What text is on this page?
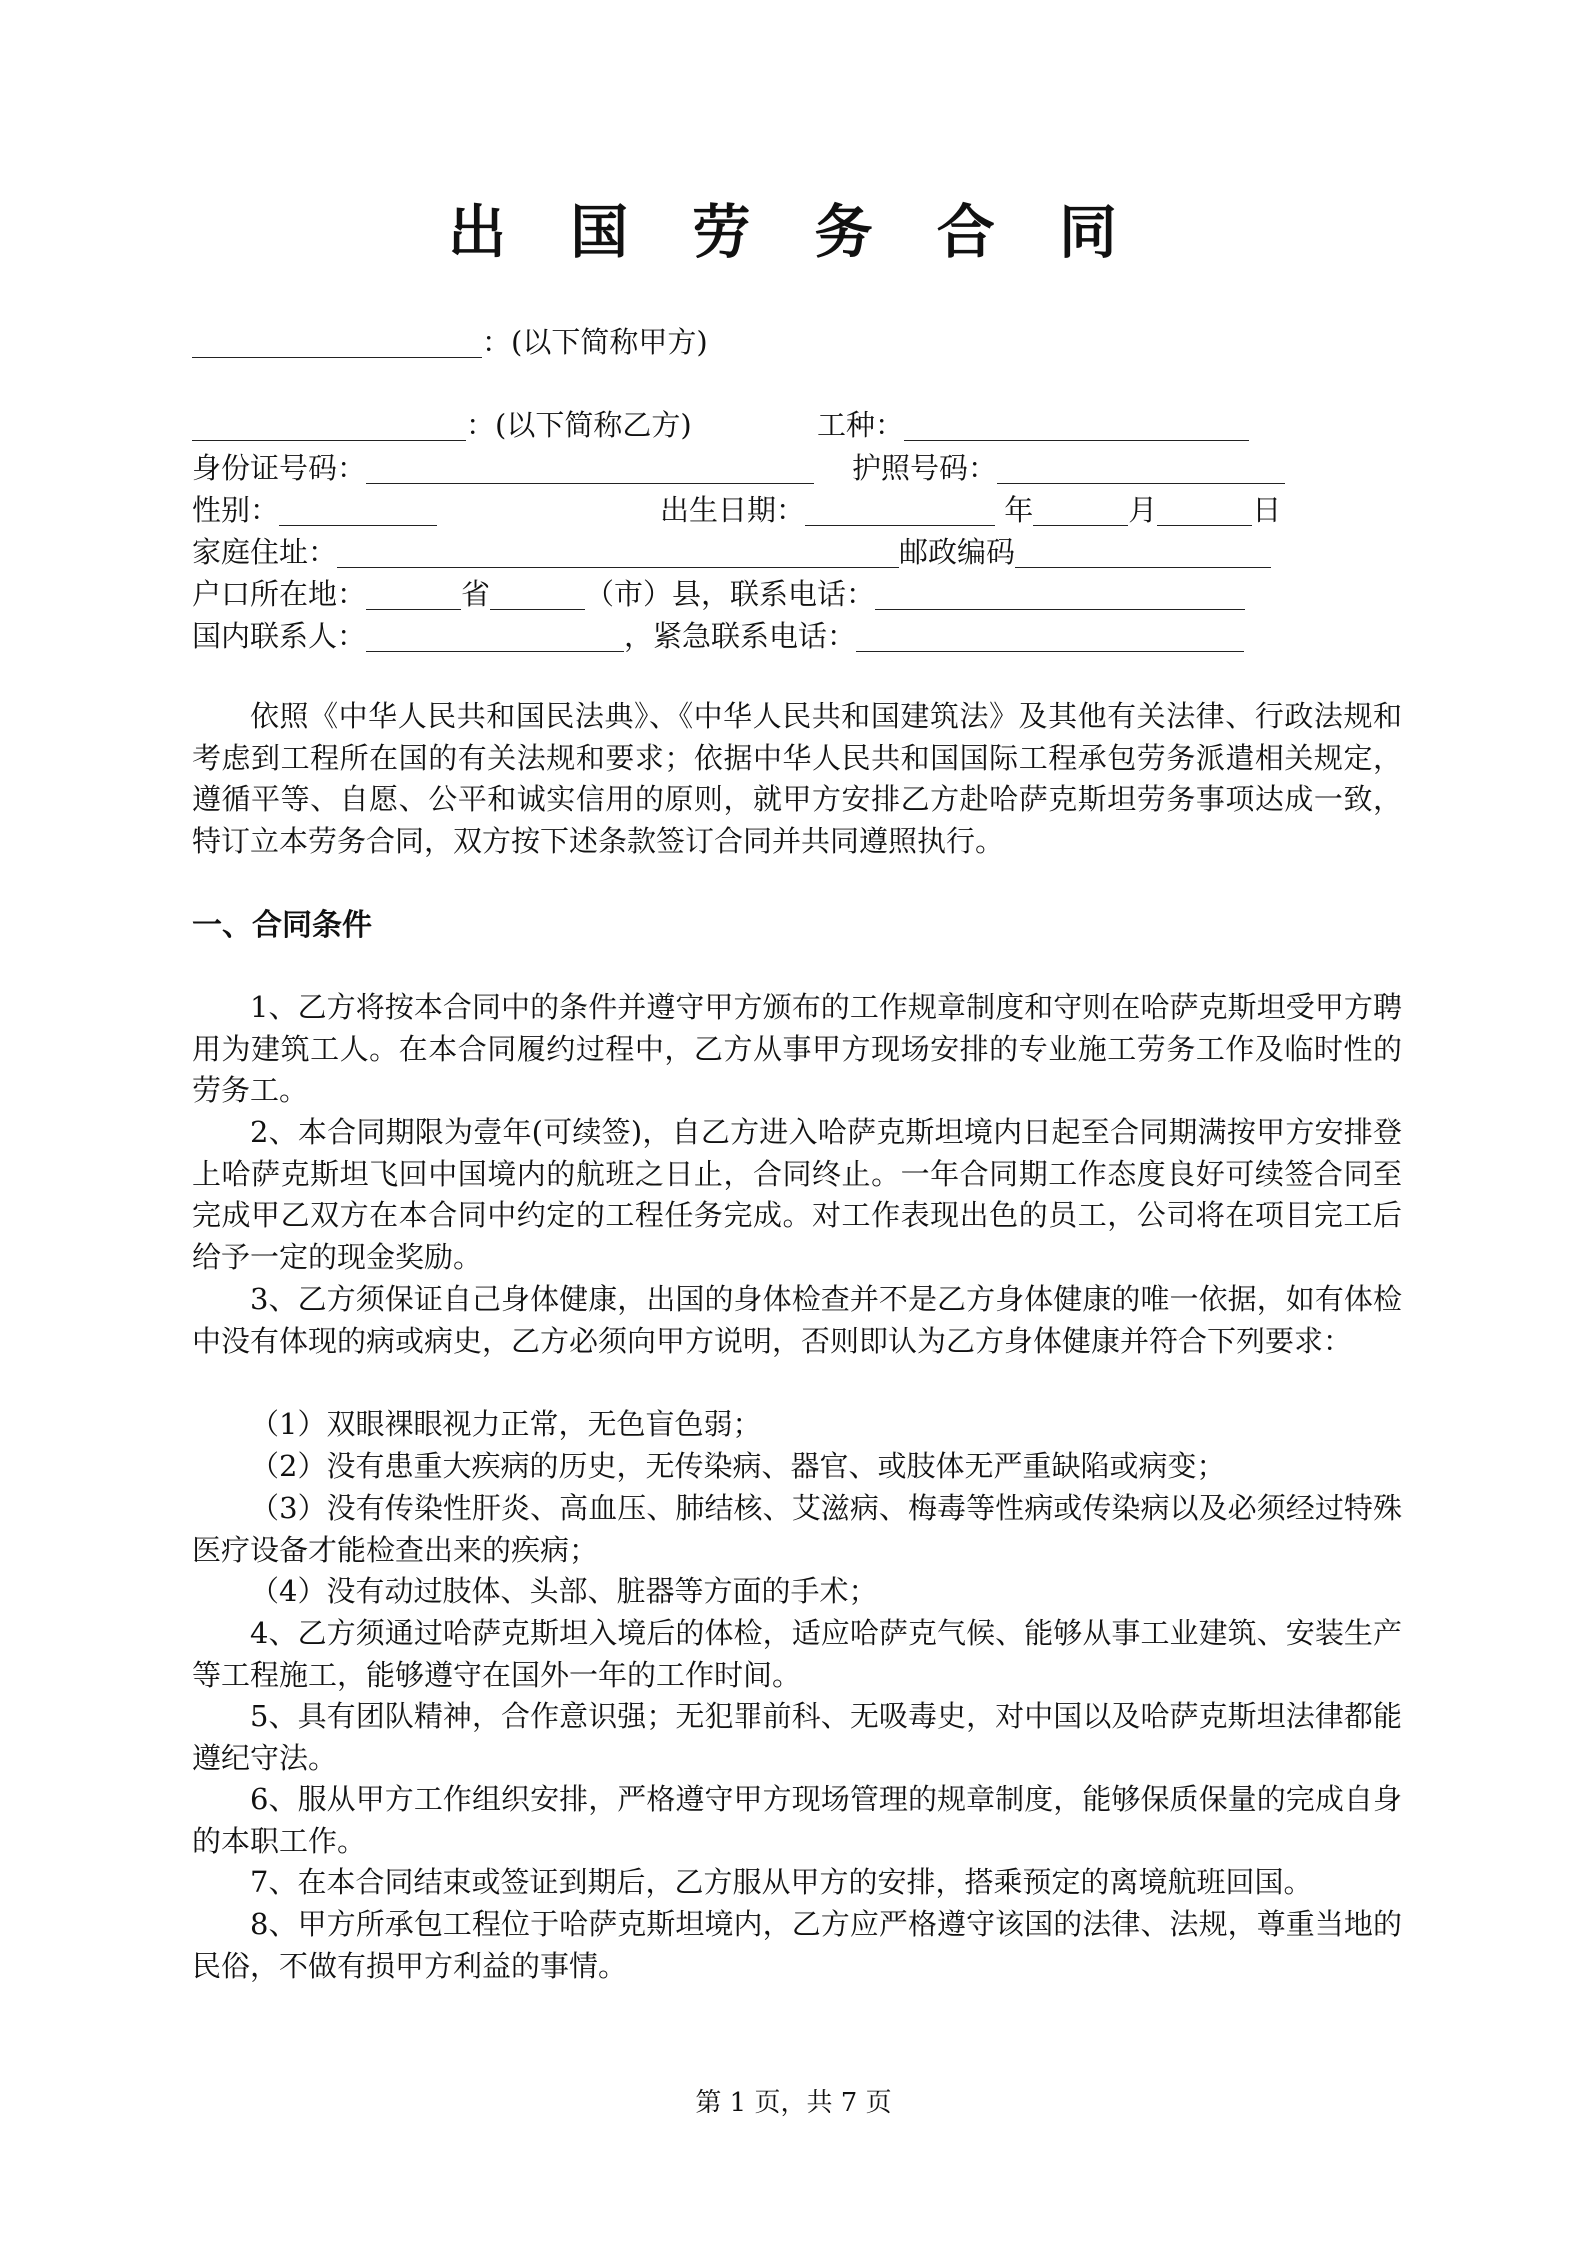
出 国 劳 务 合 同
：(以下简称甲方)
：(以下简称乙方)	工种：
身份证号码：	护照号码：
性别：	出生日期：	年	月	日
家庭住址：	邮政编码
户口所在地：	省	（市）县，联系电话：
国内联系人：	，紧急联系电话：
依照《中华人民共和国民法典》、《中华人民共和国建筑法》及其他有关法律、行政法规和考虑到工程所在国的有关法规和要求；依据中华人民共和国国际工程承包劳务派遣相关规定，遵循平等、自愿、公平和诚实信用的原则，就甲方安排乙方赴哈萨克斯坦劳务事项达成一致，特订立本劳务合同，双方按下述条款签订合同并共同遵照执行。
一、合同条件
1、乙方将按本合同中的条件并遵守甲方颁布的工作规章制度和守则在哈萨克斯坦受甲方聘用为建筑工人。在本合同履约过程中，乙方从事甲方现场安排的专业施工劳务工作及临时性的劳务工。
2、本合同期限为壹年(可续签)，自乙方进入哈萨克斯坦境内日起至合同期满按甲方安排登上哈萨克斯坦飞回中国境内的航班之日止，合同终止。一年合同期工作态度良好可续签合同至完成甲乙双方在本合同中约定的工程任务完成。对工作表现出色的员工，公司将在项目完工后给予一定的现金奖励。
3、乙方须保证自己身体健康，出国的身体检查并不是乙方身体健康的唯一依据，如有体检中没有体现的病或病史，乙方必须向甲方说明，否则即认为乙方身体健康并符合下列要求：
（1）双眼裸眼视力正常，无色盲色弱；
（2）没有患重大疾病的历史，无传染病、器官、或肢体无严重缺陷或病变；
（3）没有传染性肝炎、高血压、肺结核、艾滋病、梅毒等性病或传染病以及必须经过特殊医疗设备才能检查出来的疾病；
（4）没有动过肢体、头部、脏器等方面的手术；
4、乙方须通过哈萨克斯坦入境后的体检，适应哈萨克气候、能够从事工业建筑、安装生产等工程施工，能够遵守在国外一年的工作时间。
5、具有团队精神，合作意识强；无犯罪前科、无吸毒史，对中国以及哈萨克斯坦法律都能遵纪守法。
6、服从甲方工作组织安排，严格遵守甲方现场管理的规章制度，能够保质保量的完成自身的本职工作。
7、在本合同结束或签证到期后，乙方服从甲方的安排，搭乘预定的离境航班回国。
8、甲方所承包工程位于哈萨克斯坦境内，乙方应严格遵守该国的法律、法规，尊重当地的民俗，不做有损甲方利益的事情。
第 1 页，共 7 页
